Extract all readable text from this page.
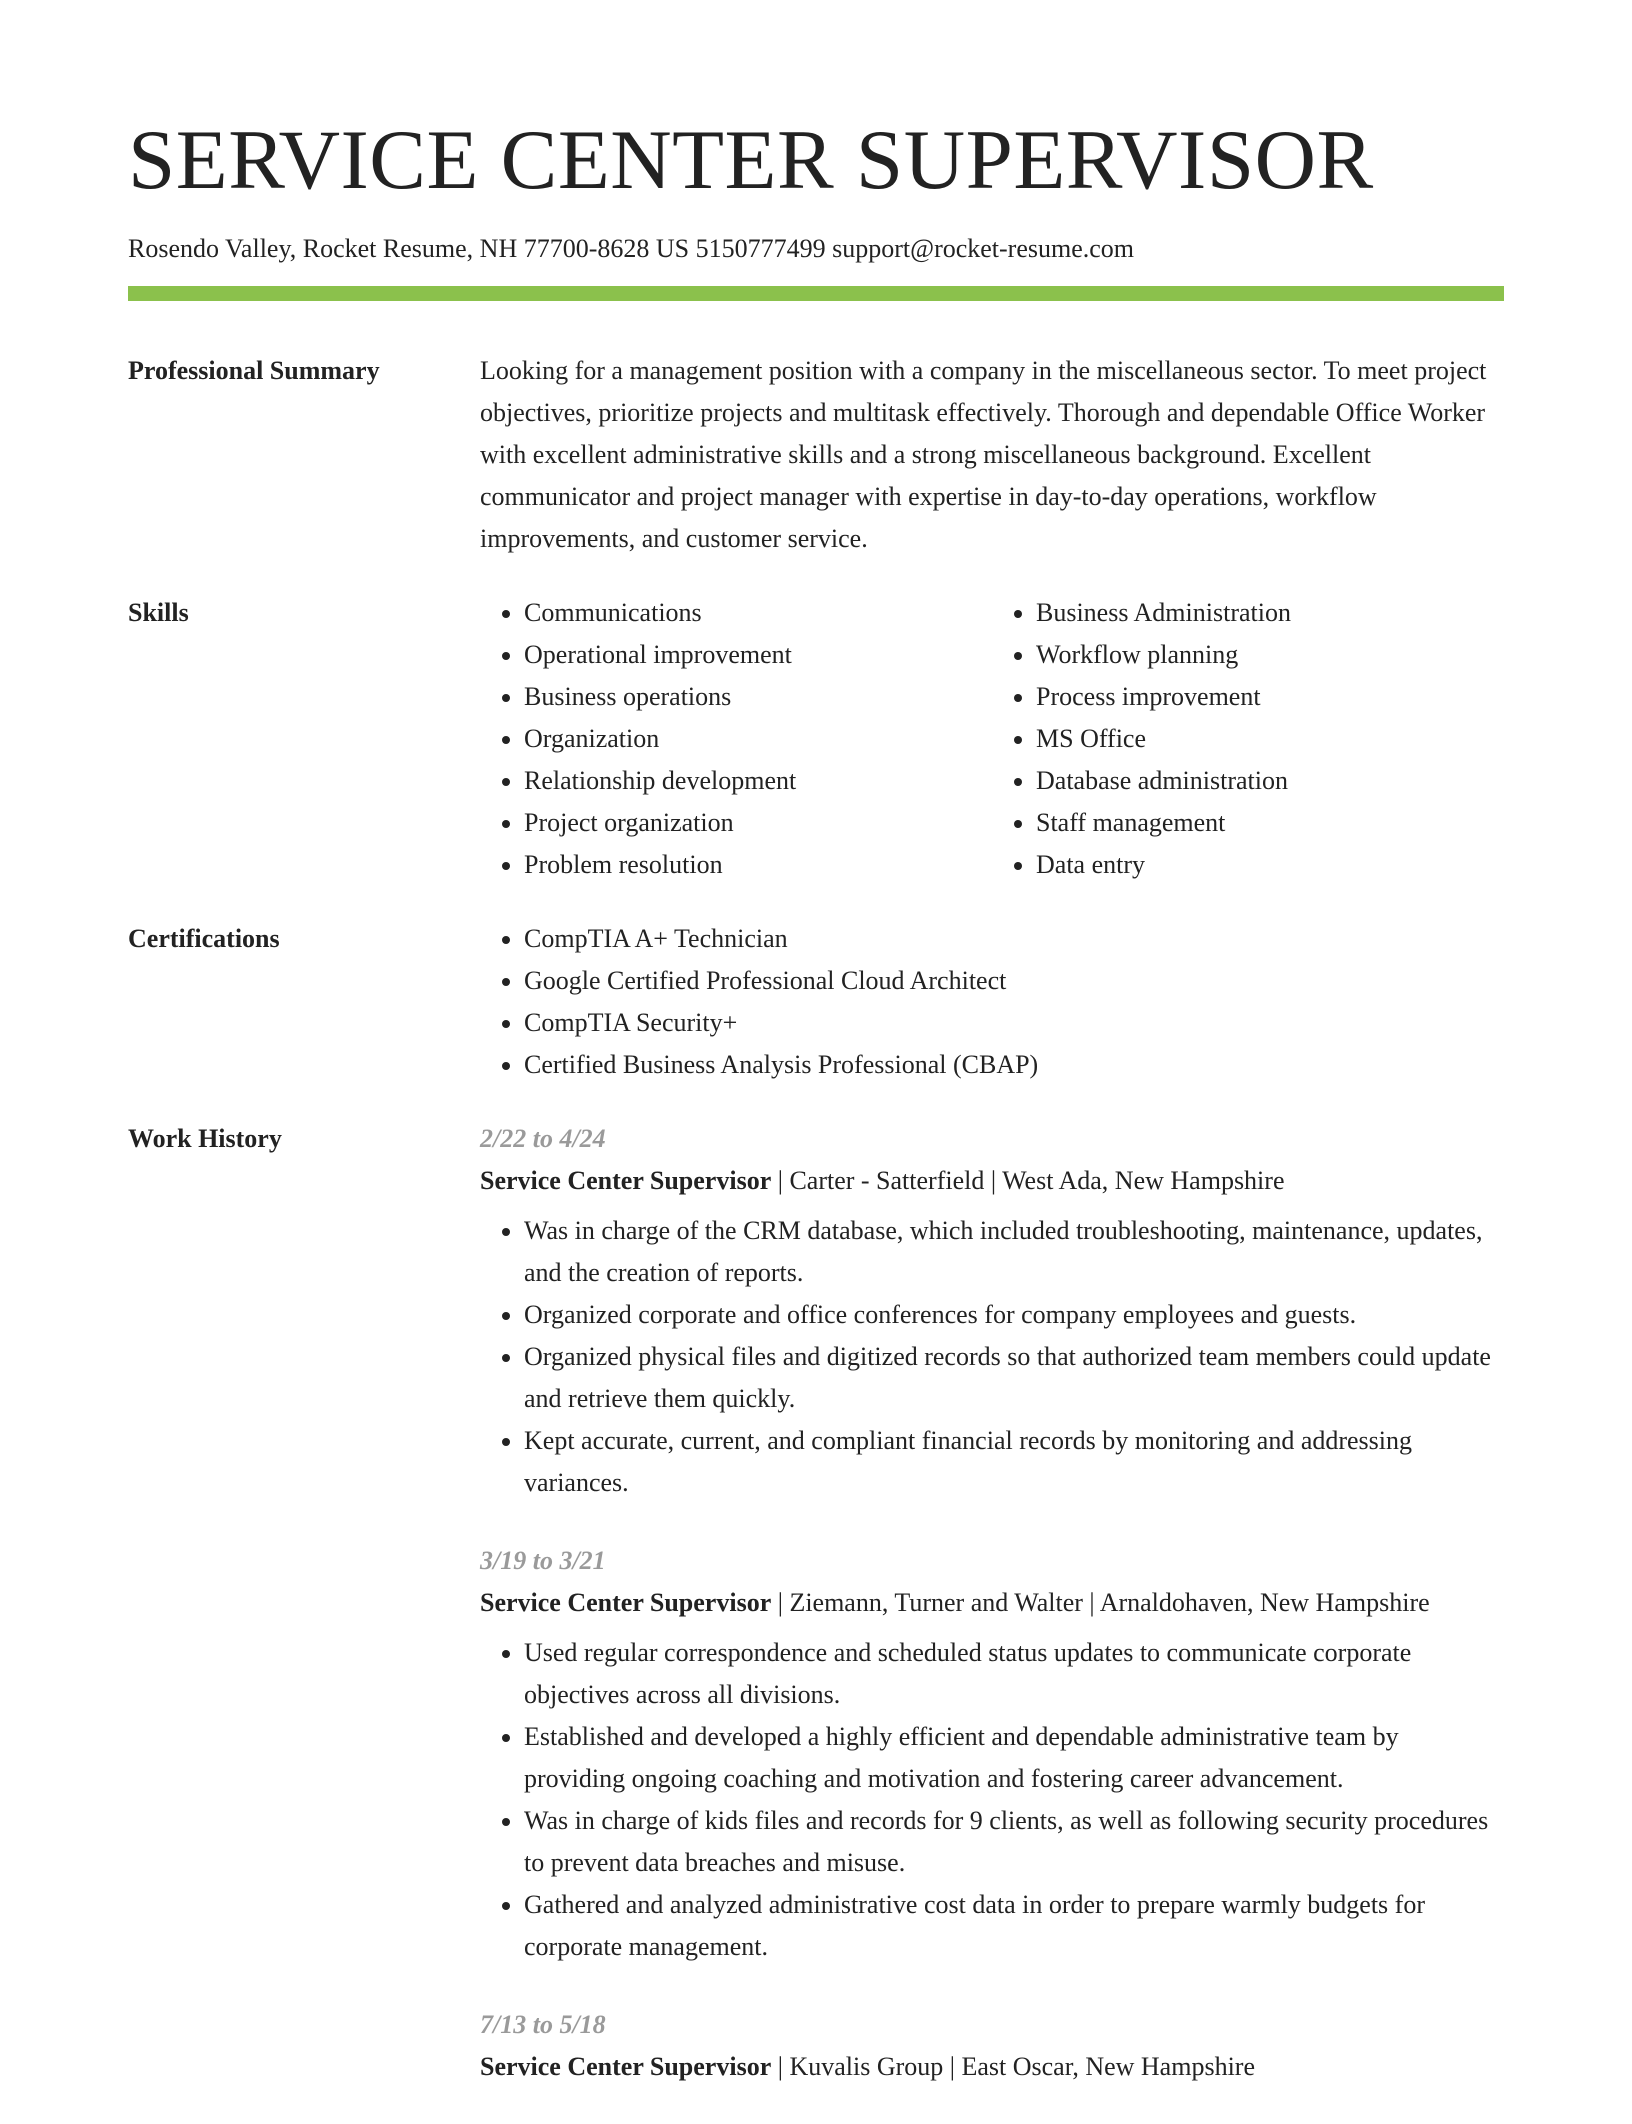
SERVICE CENTER SUPERVISOR
Rosendo Valley, Rocket Resume, NH 77700-8628 US 5150777499 support@rocket-resume.com
Professional Summary	Looking for a management position with a company in the miscellaneous sector. To meet project objectives, prioritize projects and multitask effectively. Thorough and dependable Office Worker with excellent administrative skills and a strong miscellaneous background. Excellent communicator and project manager with expertise in day-to-day operations, workflow improvements, and customer service.

Skills	• Communications
• Operational improvement
• Business operations
• Organization
• Relationship development
• Project organization
• Problem resolution
• Business Administration
• Workflow planning
• Process improvement
• MS Office
• Database administration
• Staff management
• Data entry
Certifications	• CompTIA A+ Technician
• Google Certified Professional Cloud Architect
• CompTIA Security+
• Certified Business Analysis Professional (CBAP)
Work History	2/22 to 4/24
Service Center Supervisor | Carter - Satterfield | West Ada, New Hampshire
• Was in charge of the CRM database, which included troubleshooting, maintenance, updates, and the creation of reports.
• Organized corporate and office conferences for company employees and guests.
• Organized physical files and digitized records so that authorized team members could update and retrieve them quickly.
• Kept accurate, current, and compliant financial records by monitoring and addressing variances.
3/19 to 3/21
Service Center Supervisor | Ziemann, Turner and Walter | Arnaldohaven, New Hampshire
• Used regular correspondence and scheduled status updates to communicate corporate objectives across all divisions.
• Established and developed a highly efficient and dependable administrative team by providing ongoing coaching and motivation and fostering career advancement.
• Was in charge of kids files and records for 9 clients, as well as following security procedures to prevent data breaches and misuse.
• Gathered and analyzed administrative cost data in order to prepare warmly budgets for corporate management.
7/13 to 5/18
Service Center Supervisor | Kuvalis Group | East Oscar, New Hampshire
